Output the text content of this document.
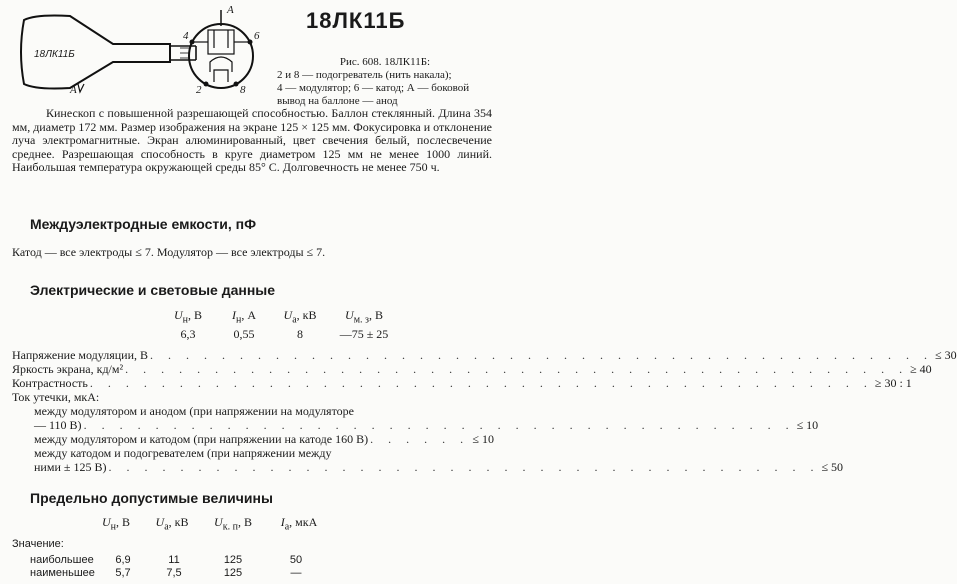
18ЛК11Б
А
4	6
2	8
А	18ЛК11Б
Рис. 608. 18ЛК11Б:
2 и 8 — подогреватель (нить накала);
4 — модулятор; 6 — катод; А — боковой
вывод на баллоне — анод
Кинескоп с повышенной разрешающей способностью. Баллон стеклянный. Длина 354 мм, диаметр 172 мм. Размер изображения на экране 125 × 125 мм. Фокусировка и отклонение луча электромагнитные. Экран алюминированный, цвет свечения белый, послесвечение среднее. Разрешающая способность в круге диаметром 125 мм не менее 1000 линий. Наибольшая температура окружающей среды 85° С. Долговечность не менее 750 ч.
Междуэлектродные емкости, пФ
Катод — все электроды ≤ 7. Модулятор — все электроды ≤ 7.
Электрические и световые данные
$U_н$, В	$I_н$, А	$U_а$, кВ	$U_{м. з}$, В
6,3	0,55	8	—75 ± 25
Напряжение модуляции, В . . . . . . . . . . . . . . . . . . . . . . . . . . . . . . . . . . . . . . . . . . . . ≤ 30
Яркость экрана, кд/м² . . . . . . . . . . . . . . . . . . . . . . . . . . . . . . . . . . . . . . . . . . . . ≥ 40
Контрастность . . . . . . . . . . . . . . . . . . . . . . . . . . . . . . . . . . . . . . . . . . . . ≥ 30 : 1
Ток утечки, мкА:
между модулятором и анодом (при напряжении на модуляторе
— 110 В) . . . . . . . . . . . . . . . . . . . . . . . . . . . . . . . . . . . . . . . . ≤ 10
между модулятором и катодом (при напряжении на катоде 160 В) . . . . . . ≤ 10
между катодом и подогревателем (при напряжении между
ними ± 125 В) . . . . . . . . . . . . . . . . . . . . . . . . . . . . . . . . . . . . . . . . ≤ 50
Предельно допустимые величины
$U_н$, В	$U_а$, кВ	$U_{к. п}$, В	$I_а$, мкА
Значение:
наибольшее	6,9	11	125	50
наименьшее	5,7	7,5	125	—
